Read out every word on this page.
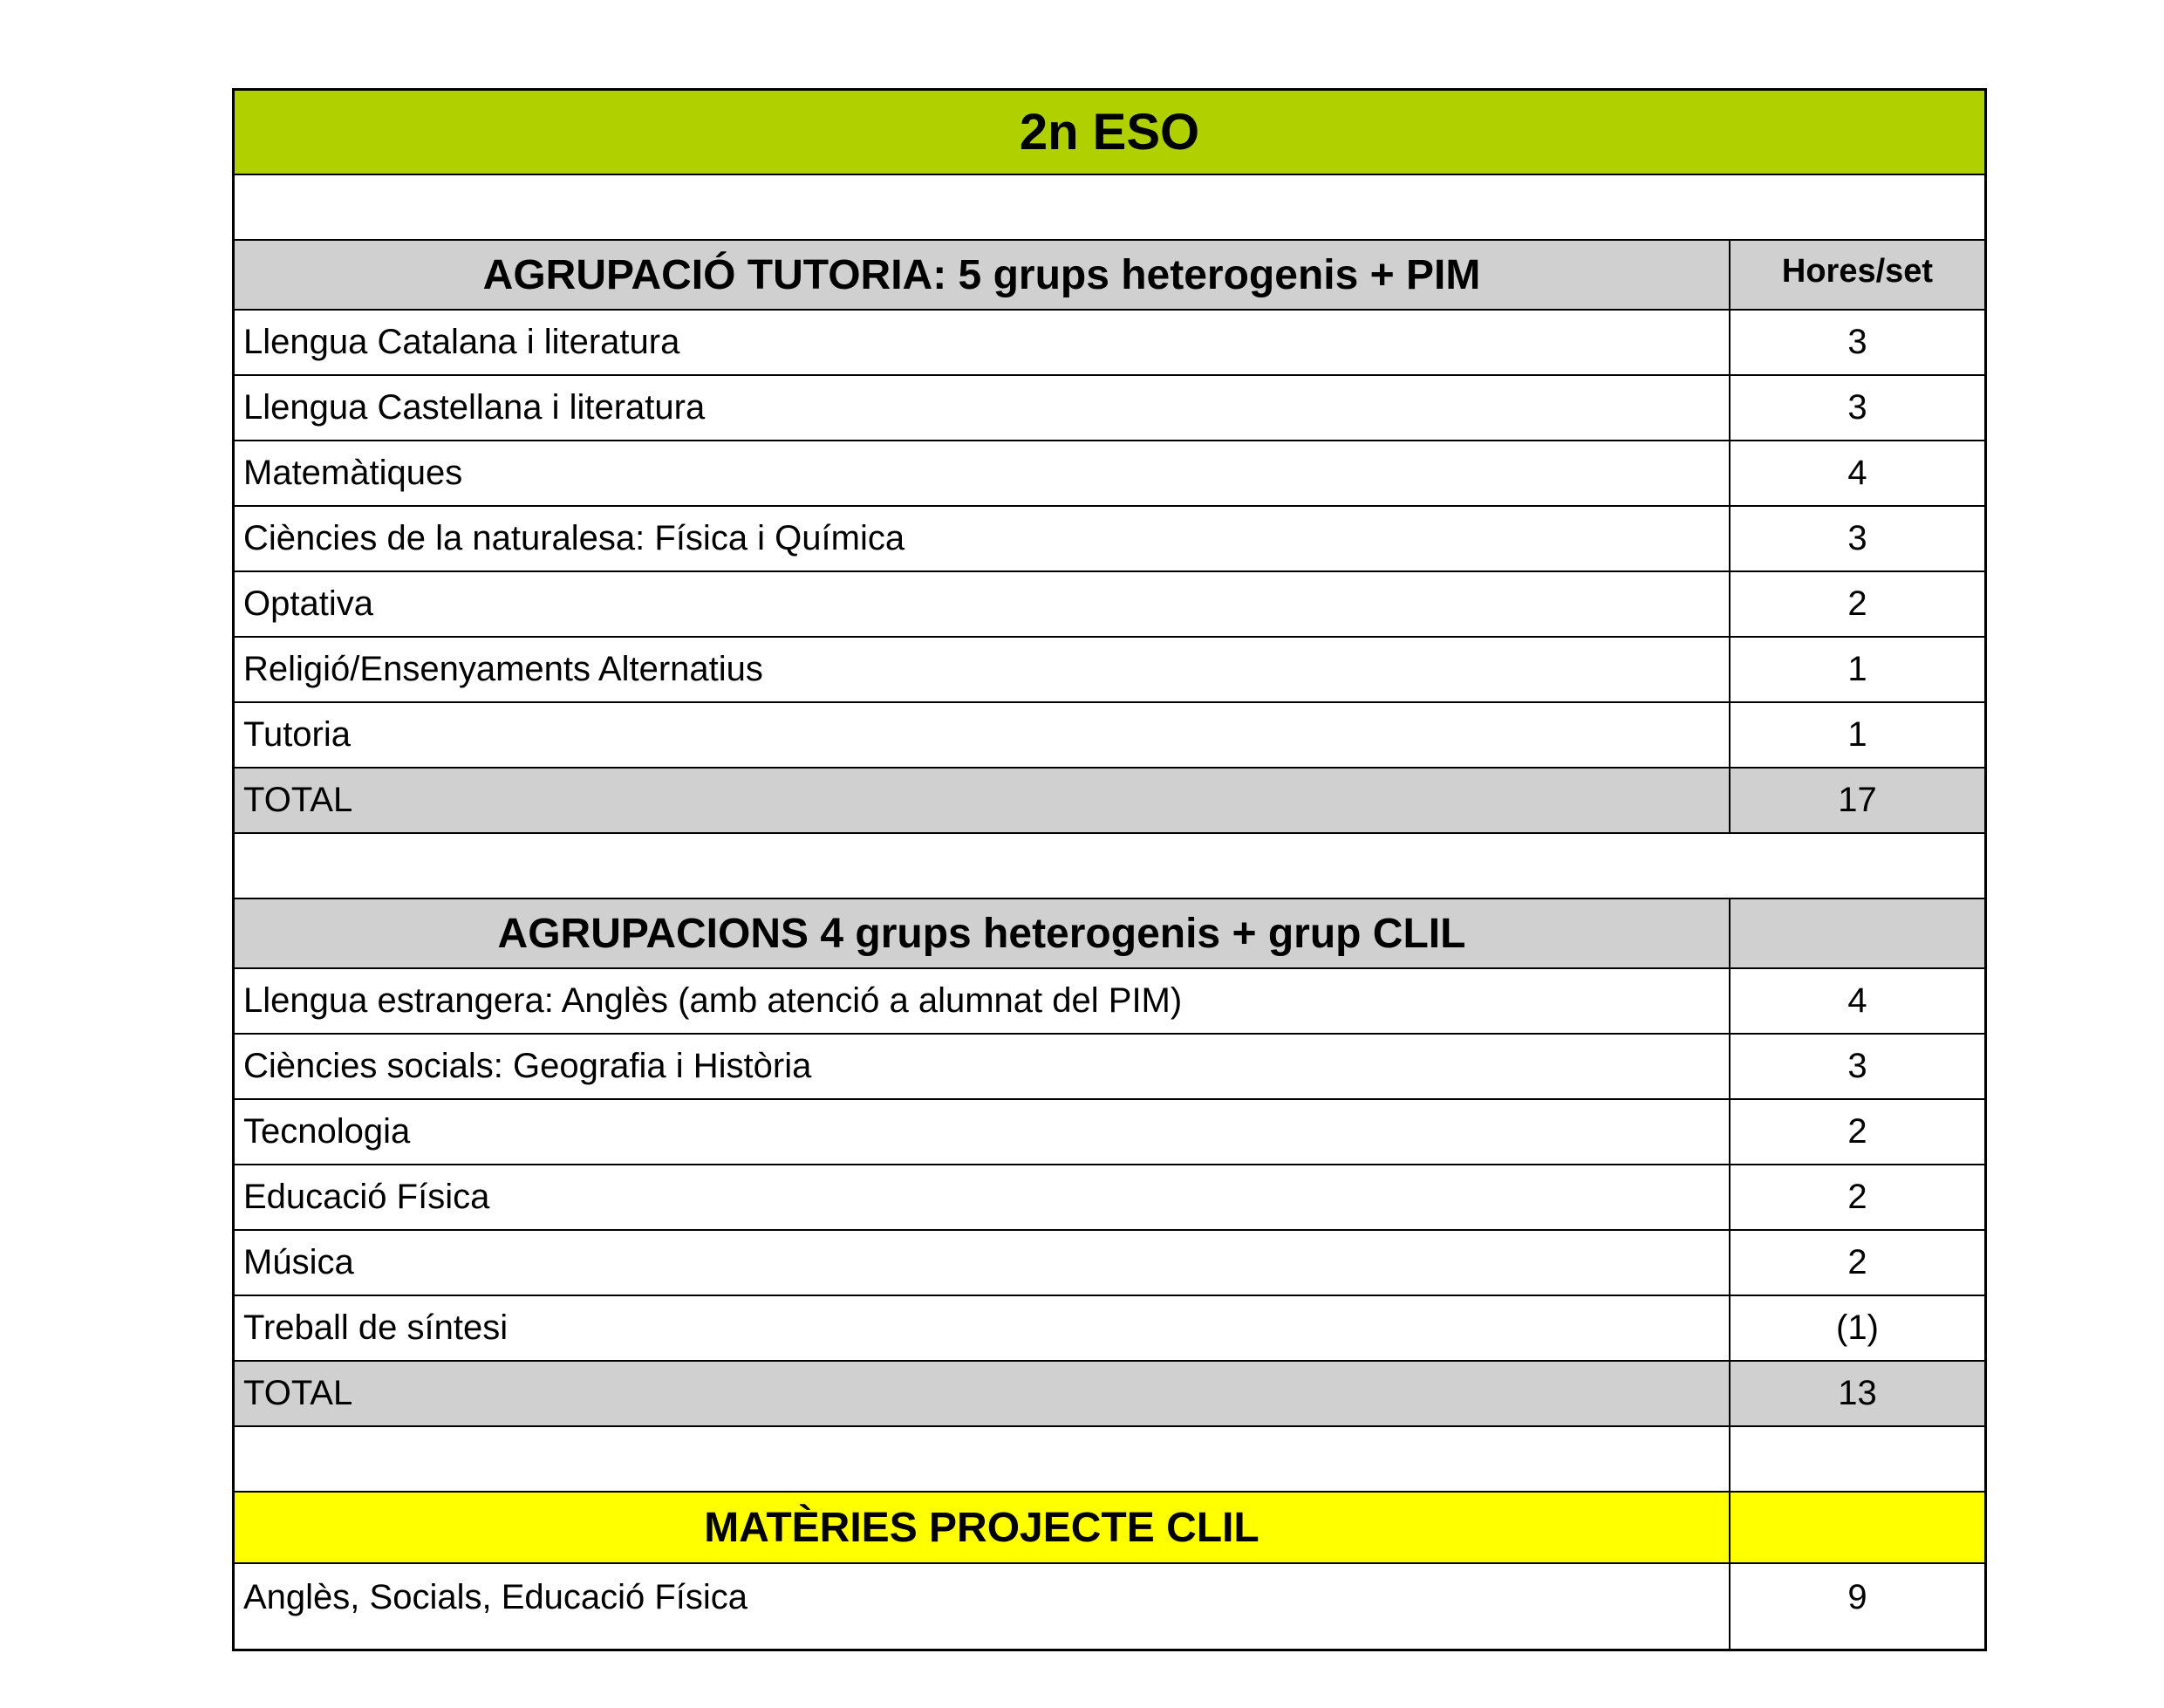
2n ESO
AGRUPACIÓ TUTORIA: 5 grups heterogenis + PIM	Hores/set
Llengua Catalana i literatura	3
Llengua Castellana i literatura	3
Matemàtiques	4
Ciències de la naturalesa: Física i Química	3
Optativa	2
Religió/Ensenyaments Alternatius	1
Tutoria	1
TOTAL	17
AGRUPACIONS 4 grups heterogenis + grup CLIL
Llengua estrangera: Anglès (amb atenció a alumnat del PIM)	4
Ciències socials: Geografia i Història	3
Tecnologia	2
Educació Física	2
Música	2
Treball de síntesi	(1)
TOTAL	13
MATÈRIES PROJECTE CLIL
Anglès, Socials, Educació Física	9
